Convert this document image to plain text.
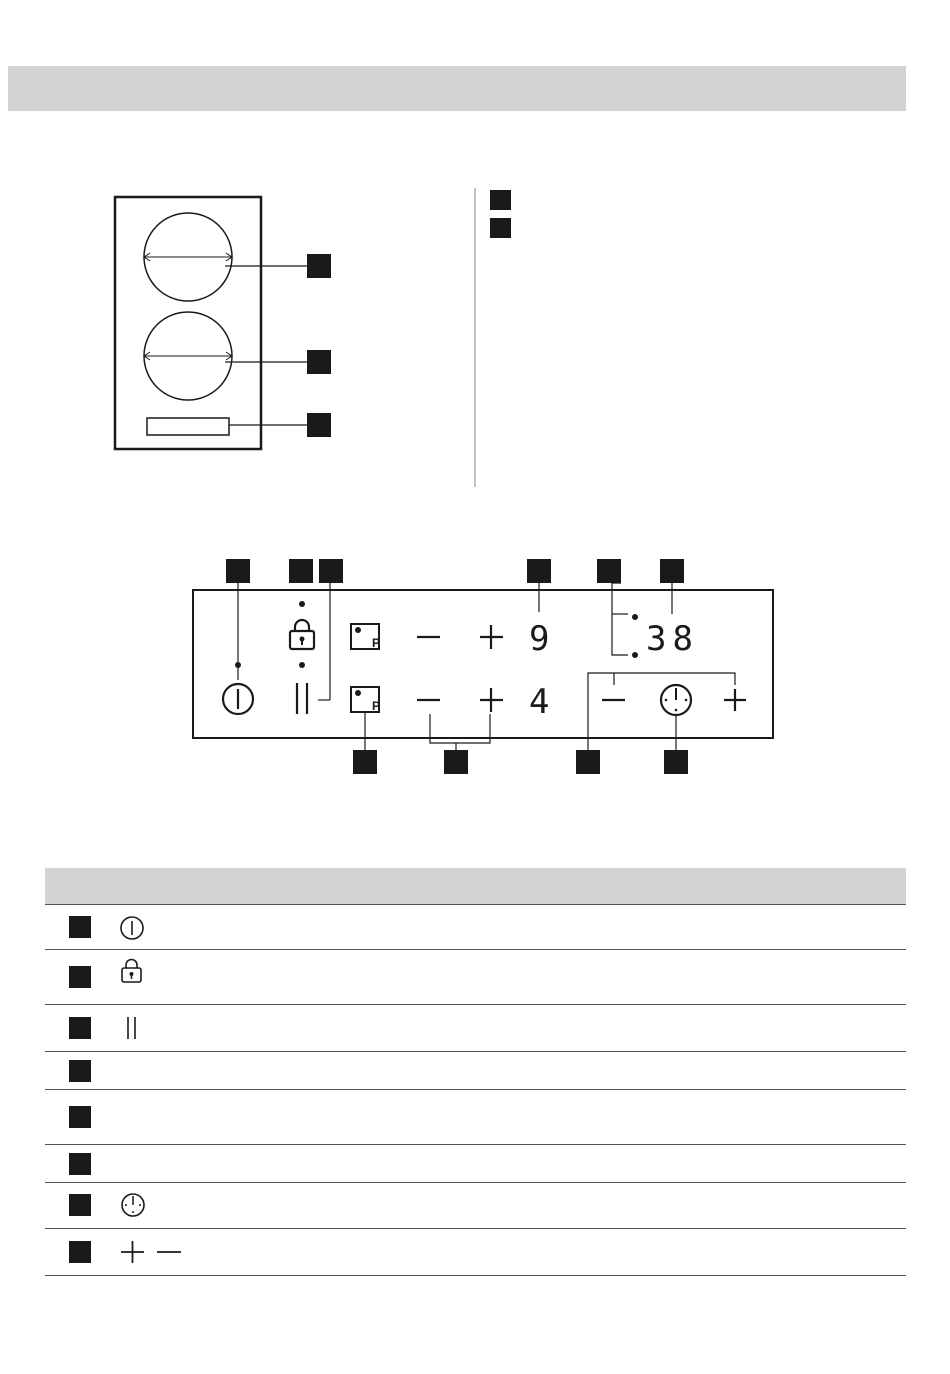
P
P
9
4
38
